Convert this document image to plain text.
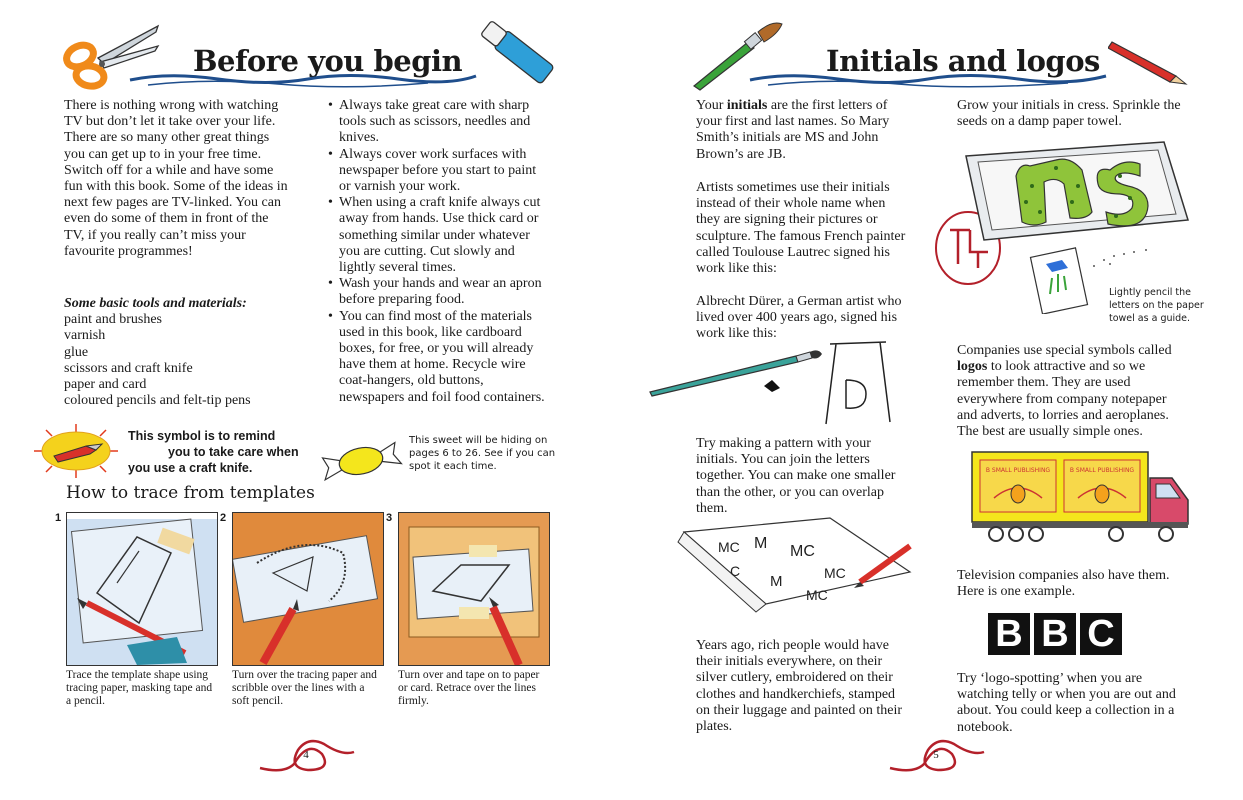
Before you begin
There is nothing wrong with watching TV but don’t let it take over your life. There are so many other great things you can get up to in your free time. Switch off for a while and have some fun with this book. Some of the ideas in next few pages are TV-linked. You can even do some of them in front of the TV, if you really can’t miss your favourite programmes!
Some basic tools and materials:
paint and brushes
varnish
glue
scissors and craft knife
paper and card
coloured pencils and felt-tip pens
• Always take great care with sharp tools such as scissors, needles and knives.
• Always cover work surfaces with newspaper before you start to paint or varnish your work.
• When using a craft knife always cut away from hands. Use thick card or something similar under whatever you are cutting. Cut slowly and lightly several times.
• Wash your hands and wear an apron before preparing food.
• You can find most of the materials used in this book, like cardboard boxes, for free, or you will already have them at home. Recycle wire coat-hangers, old buttons, newspapers and foil food containers.
This symbol is to remind
you to take care when
you use a craft knife.
This sweet will be hiding on pages 6 to 26. See if you can spot it each time.
How to trace from templates
1
Trace the template shape using tracing paper, masking tape and a pencil.
2
Turn over the tracing paper and scribble over the lines with a soft pencil.
3
Turn over and tape on to paper or card. Retrace over the lines firmly.
4
Initials and logos
Your initials are the first letters of your first and last names. So Mary Smith’s initials are MS and John Brown’s are JB.
Artists sometimes use their initials instead of their whole name when they are signing their pictures or sculpture. The famous French painter called Toulouse Lautrec signed his work like this:
Albrecht Dürer, a German artist who lived over 400 years ago, signed his work like this:
Try making a pattern with your initials. You can join the letters together. You can make one smaller than the other, or you can overlap them.
MC M MC
C
M
MC
MC
Years ago, rich people would have their initials everywhere, on their silver cutlery, embroidered on their clothes and handkerchiefs, stamped on their luggage and painted on their plates.
Grow your initials in cress. Sprinkle the seeds on a damp paper towel.
Lightly pencil the letters on the paper towel as a guide.
Companies use special symbols called logos to look attractive and so we remember them. They are used everywhere from company notepaper and adverts, to lorries and aeroplanes. The best are usually simple ones.
B SMALL PUBLISHING	B SMALL PUBLISHING
Television companies also have them. Here is one example.
B B C
Try ‘logo-spotting’ when you are watching telly or when you are out and about. You could keep a collection in a notebook.
5
